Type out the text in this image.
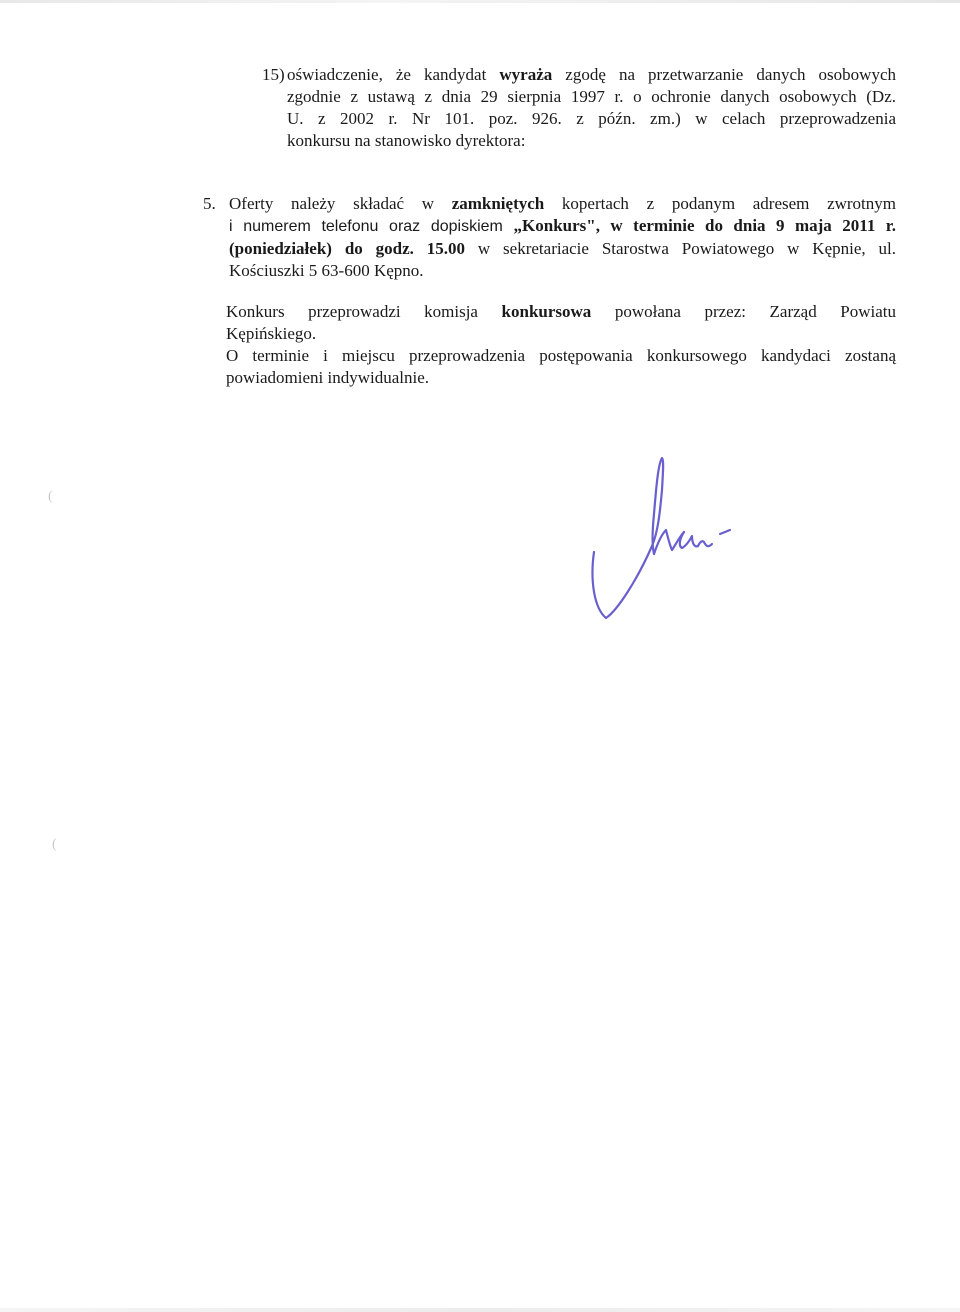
15) oświadczenie, że kandydat wyraża zgodę na przetwarzanie danych osobowych
zgodnie z ustawą z dnia 29 sierpnia 1997 r. o ochronie danych osobowych (Dz.
U. z 2002 r. Nr 101. poz. 926. z późn. zm.) w celach przeprowadzenia
konkursu na stanowisko dyrektora:
5. Oferty należy składać w zamkniętych kopertach z podanym adresem zwrotnym
i numerem telefonu oraz dopiskiem „Konkurs", w terminie do dnia 9 maja 2011 r.
(poniedziałek) do godz. 15.00 w sekretariacie Starostwa Powiatowego w Kępnie, ul.
Kościuszki 5 63-600 Kępno.
Konkurs przeprowadzi komisja konkursowa powołana przez: Zarząd Powiatu
Kępińskiego.
O terminie i miejscu przeprowadzenia postępowania konkursowego kandydaci zostaną
powiadomieni indywidualnie.
(
(
